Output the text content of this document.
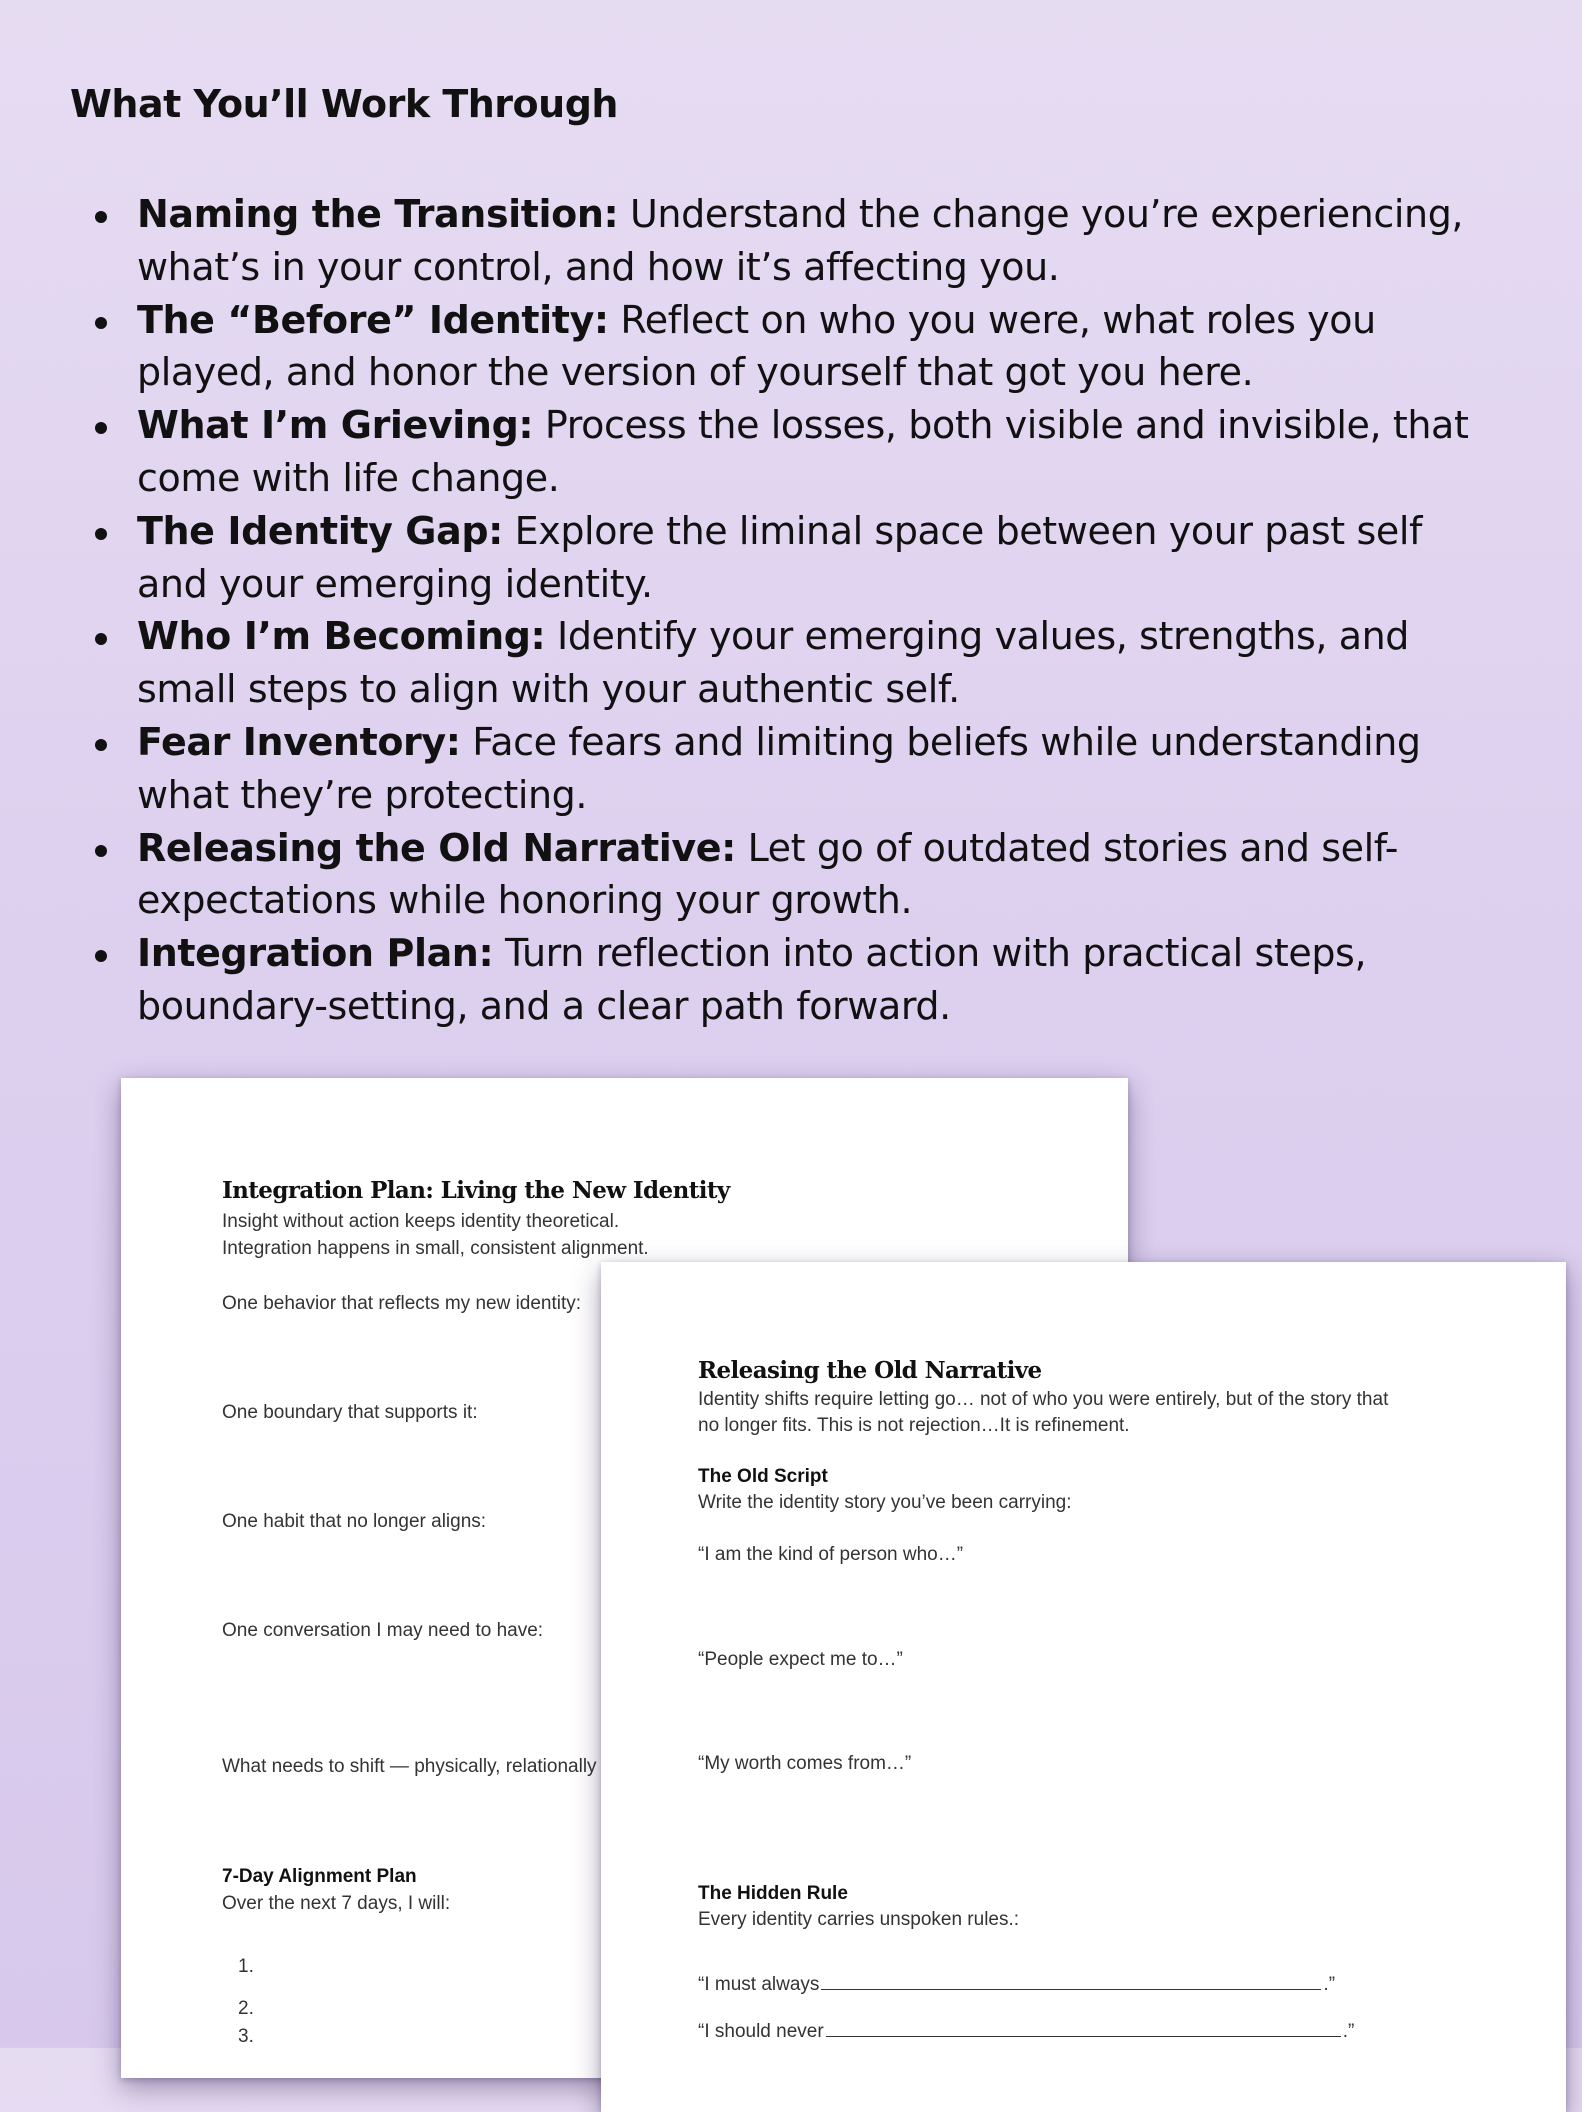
What You’ll Work Through
Naming the Transition: Understand the change you’re experiencing, what’s in your control, and how it’s affecting you.
The “Before” Identity: Reflect on who you were, what roles you played, and honor the version of yourself that got you here.
What I’m Grieving: Process the losses, both visible and invisible, that come with life change.
The Identity Gap: Explore the liminal space between your past self and your emerging identity.
Who I’m Becoming: Identify your emerging values, strengths, and small steps to align with your authentic self.
Fear Inventory: Face fears and limiting beliefs while understanding what they’re protecting.
Releasing the Old Narrative: Let go of outdated stories and self-expectations while honoring your growth.
Integration Plan: Turn reflection into action with practical steps, boundary-setting, and a clear path forward.

Integration Plan: Living the New Identity

Insight without action keeps identity theoretical.

Integration happens in small, consistent alignment.

One behavior that reflects my new identity:

One boundary that supports it:

One habit that no longer aligns:

One conversation I may need to have:

What needs to shift — physically, relationally

7-Day Alignment Plan

Over the next 7 days, I will:

1.

2.

3.

Releasing the Old Narrative

Identity shifts require letting go… not of who you were entirely, but of the story that

no longer fits. This is not rejection…It is refinement.

The Old Script

Write the identity story you’ve been carrying:

“I am the kind of person who…”

“People expect me to…”

“My worth comes from…”

The Hidden Rule

Every identity carries unspoken rules.:

“I must always	.”

“I should never	.”
